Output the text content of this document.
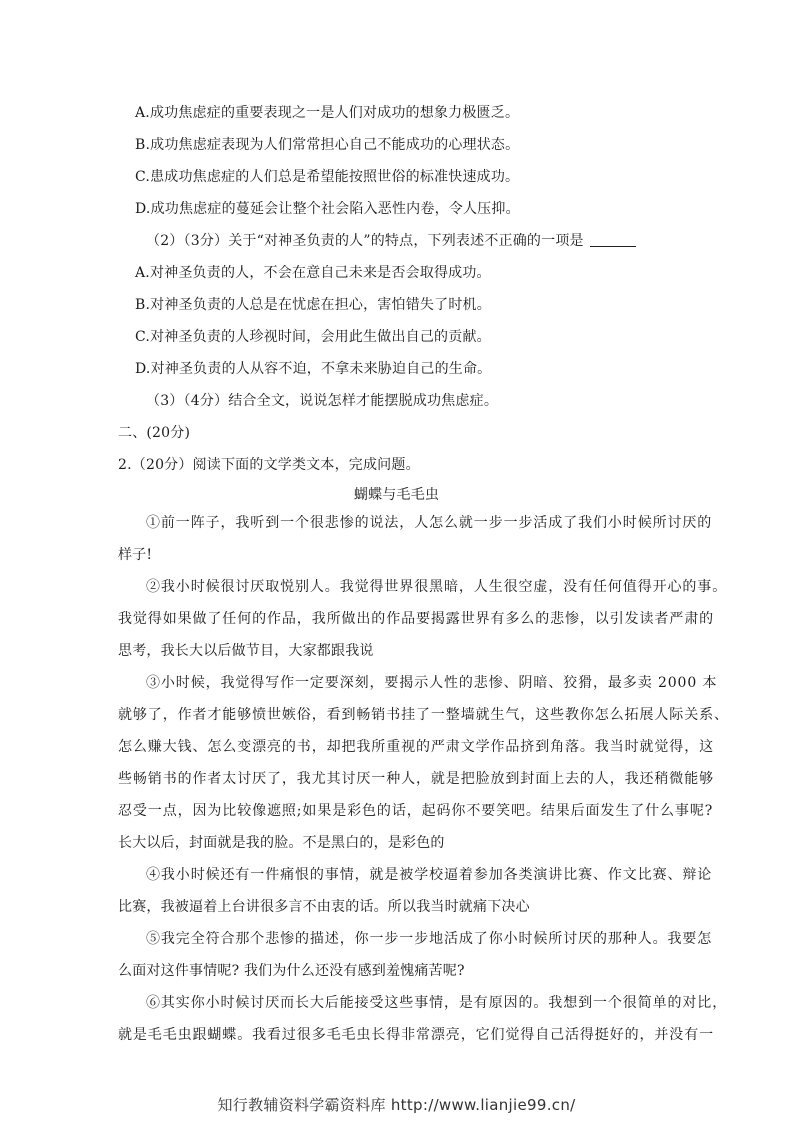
A.成功焦虑症的重要表现之一是人们对成功的想象力极匮乏。
B.成功焦虑症表现为人们常常担心自己不能成功的心理状态。
C.患成功焦虑症的人们总是希望能按照世俗的标准快速成功。
D.成功焦虑症的蔓延会让整个社会陷入恶性内卷，令人压抑。
（2）（3分）关于“对神圣负责的人”的特点，下列表述不正确的一项是
A.对神圣负责的人，不会在意自己未来是否会取得成功。
B.对神圣负责的人总是在忧虑在担心，害怕错失了时机。
C.对神圣负责的人珍视时间，会用此生做出自己的贡献。
D.对神圣负责的人从容不迫，不拿未来胁迫自己的生命。
（3）（4分）结合全文，说说怎样才能摆脱成功焦虑症。
二、(20分)
2.（20分）阅读下面的文学类文本，完成问题。
蝴蝶与毛毛虫
①前一阵子，我听到一个很悲惨的说法，人怎么就一步一步活成了我们小时候所讨厌的
样子!
②我小时候很讨厌取悦别人。我觉得世界很黑暗，人生很空虚，没有任何值得开心的事。
我觉得如果做了任何的作品，我所做出的作品要揭露世界有多么的悲惨，以引发读者严肃的
思考，我长大以后做节目，大家都跟我说
③小时候，我觉得写作一定要深刻，要揭示人性的悲惨、阴暗、狡猾，最多卖 2000 本
就够了，作者才能够愤世嫉俗，看到畅销书挂了一整墙就生气，这些教你怎么拓展人际关系、
怎么赚大钱、怎么变漂亮的书，却把我所重视的严肃文学作品挤到角落。我当时就觉得，这
些畅销书的作者太讨厌了，我尤其讨厌一种人，就是把脸放到封面上去的人，我还稍微能够
忍受一点，因为比较像遮照;如果是彩色的话，起码你不要笑吧。结果后面发生了什么事呢?
长大以后，封面就是我的脸。不是黑白的，是彩色的
④我小时候还有一件痛恨的事情，就是被学校逼着参加各类演讲比赛、作文比赛、辩论
比赛，我被逼着上台讲很多言不由衷的话。所以我当时就痛下决心
⑤我完全符合那个悲惨的描述，你一步一步地活成了你小时候所讨厌的那种人。我要怎
么面对这件事情呢? 我们为什么还没有感到羞愧痛苦呢?
⑥其实你小时候讨厌而长大后能接受这些事情，是有原因的。我想到一个很简单的对比，
就是毛毛虫跟蝴蝶。我看过很多毛毛虫长得非常漂亮，它们觉得自己活得挺好的，并没有一
知行教辅资料学霸资料库 http://www.lianjie99.cn/
